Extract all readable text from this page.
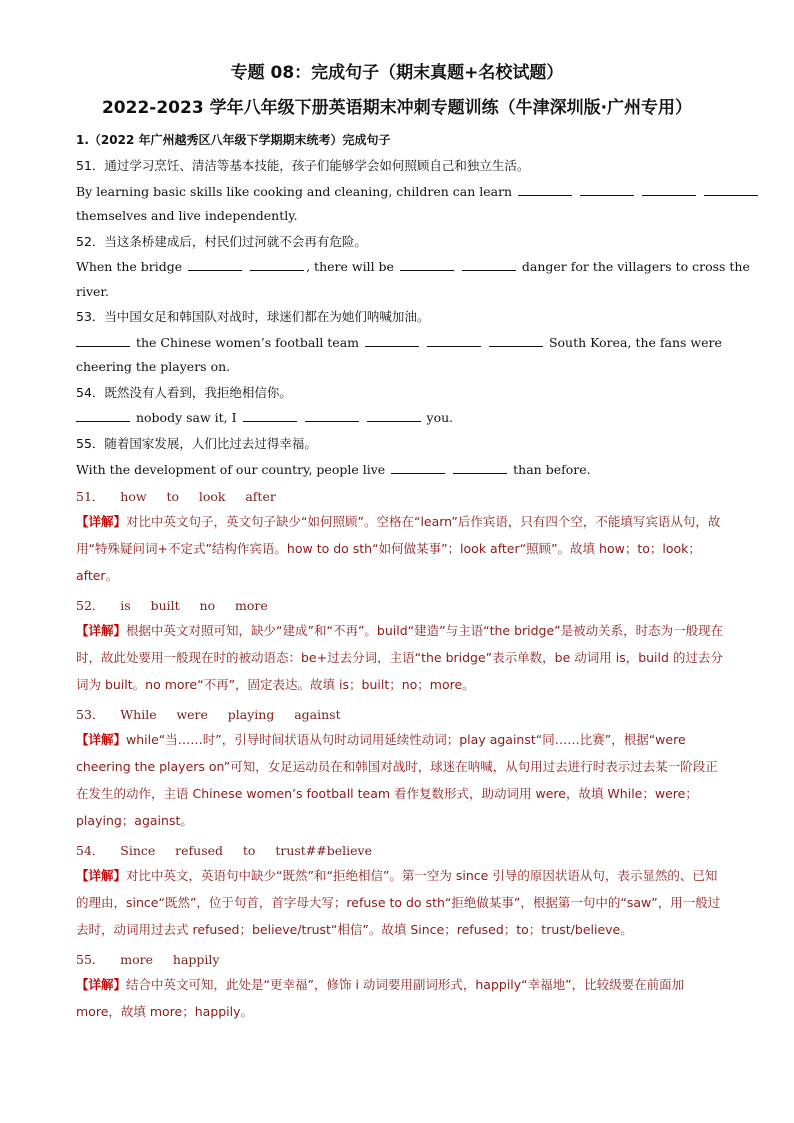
专题 08：完成句子（期末真题+名校试题）
2022-2023 学年八年级下册英语期末冲刺专题训练（牛津深圳版·广州专用）
1.（2022 年广州越秀区八年级下学期期末统考）完成句子
51．通过学习烹饪、清洁等基本技能，孩子们能够学会如何照顾自己和独立生活。
By learning basic skills like cooking and cleaning, children can learn
themselves and live independently.
52．当这条桥建成后，村民们过河就不会再有危险。
When the bridge	, there will be	danger for the villagers to cross the
river.
53．当中国女足和韩国队对战时，球迷们都在为她们呐喊加油。
the Chinese women’s football team	South Korea, the fans were
cheering the players on.
54．既然没有人看到，我拒绝相信你。
nobody saw it, I	you.
55．随着国家发展，人们比过去过得幸福。
With the development of our country, people live	than before.
51．    how     to     look     after
【详解】对比中英文句子，英文句子缺少“如何照顾”。空格在“learn”后作宾语，只有四个空，不能填写宾语从句，故用“特殊疑问词+不定式”结构作宾语。how to do sth“如何做某事”；look after“照顾”。故填 how；to；look；after。
52．    is     built     no     more
【详解】根据中英文对照可知，缺少“建成”和“不再”。build“建造”与主语“the bridge”是被动关系，时态为一般现在时，故此处要用一般现在时的被动语态：be+过去分词，主语“the bridge”表示单数，be 动词用 is，build 的过去分词为 built。no more“不再”，固定表达。故填 is；built；no；more。
53．    While     were     playing     against
【详解】while“当……时”，引导时间状语从句时动词用延续性动词；play against“同……比赛”，根据“were cheering the players on”可知，女足运动员在和韩国对战时，球迷在呐喊，从句用过去进行时表示过去某一阶段正在发生的动作，主语 Chinese women’s football team 看作复数形式，助动词用 were，故填 While；were；playing；against。
54．    Since     refused     to     trust##believe
【详解】对比中英文，英语句中缺少“既然”和“拒绝相信”。第一空为 since 引导的原因状语从句，表示显然的、已知的理由，since“既然”，位于句首，首字母大写；refuse to do sth“拒绝做某事”，根据第一句中的“saw”，用一般过去时，动词用过去式 refused；believe/trust“相信”。故填 Since；refused；to；trust/believe。
55．    more     happily
【详解】结合中英文可知，此处是“更幸福”，修饰 i 动词要用副词形式，happily“幸福地”，比较级要在前面加 more，故填 more；happily。
